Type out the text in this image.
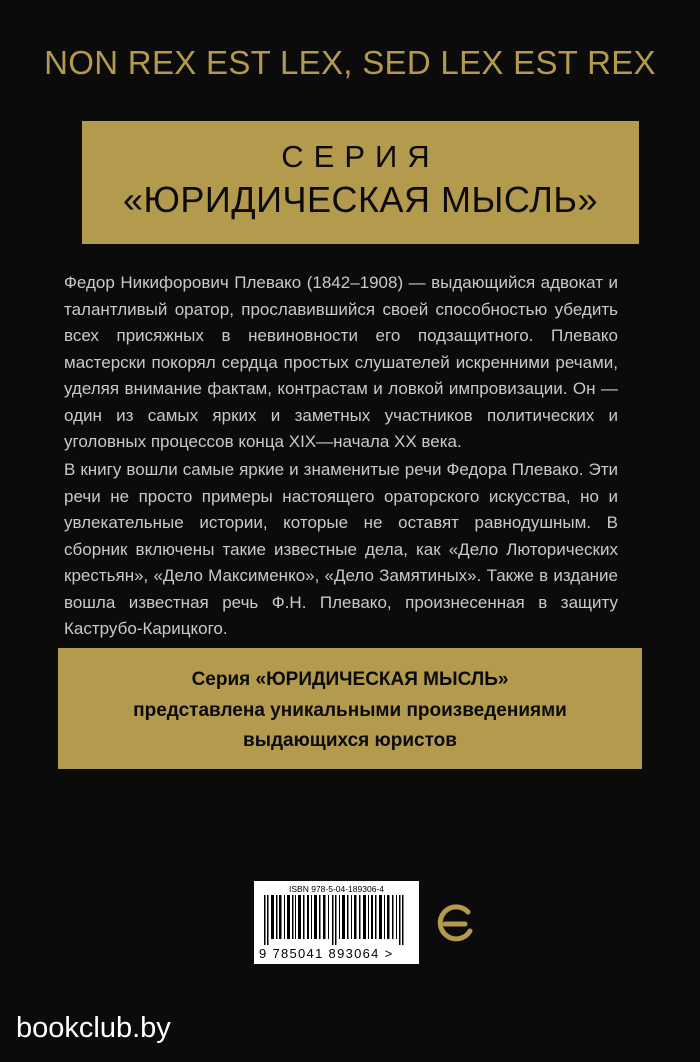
NON REX EST LEX, SED LEX EST REX
СЕРИЯ
«ЮРИДИЧЕСКАЯ МЫСЛЬ»

Федор Никифорович Плевако (1842–1908) — выдающийся адвокат и талантливый оратор, прославившийся своей способностью убедить всех присяжных в невиновности его подзащитного. Плевако мастерски покорял сердца простых слушателей искренними речами, уделяя внимание фактам, контрастам и ловкой импровизации. Он — один из самых ярких и заметных участников политических и уголовных процессов конца XIX—начала XX века.

В книгу вошли самые яркие и знаменитые речи Федора Плевако. Эти речи не просто примеры настоящего ораторского искусства, но и увлекательные истории, которые не оставят равнодушным. В сборник включены такие известные дела, как «Дело Люторических крестьян», «Дело Максименко», «Дело Замятиных». Также в издание вошла известная речь Ф.Н. Плевако, произнесенная в защиту Каструбо-Карицкого.

Серия «ЮРИДИЧЕСКАЯ МЫСЛЬ»
представлена уникальными произведениями
выдающихся юристов
ISBN 978-5-04-189306-4
9 785041 893064 >
bookclub.by
